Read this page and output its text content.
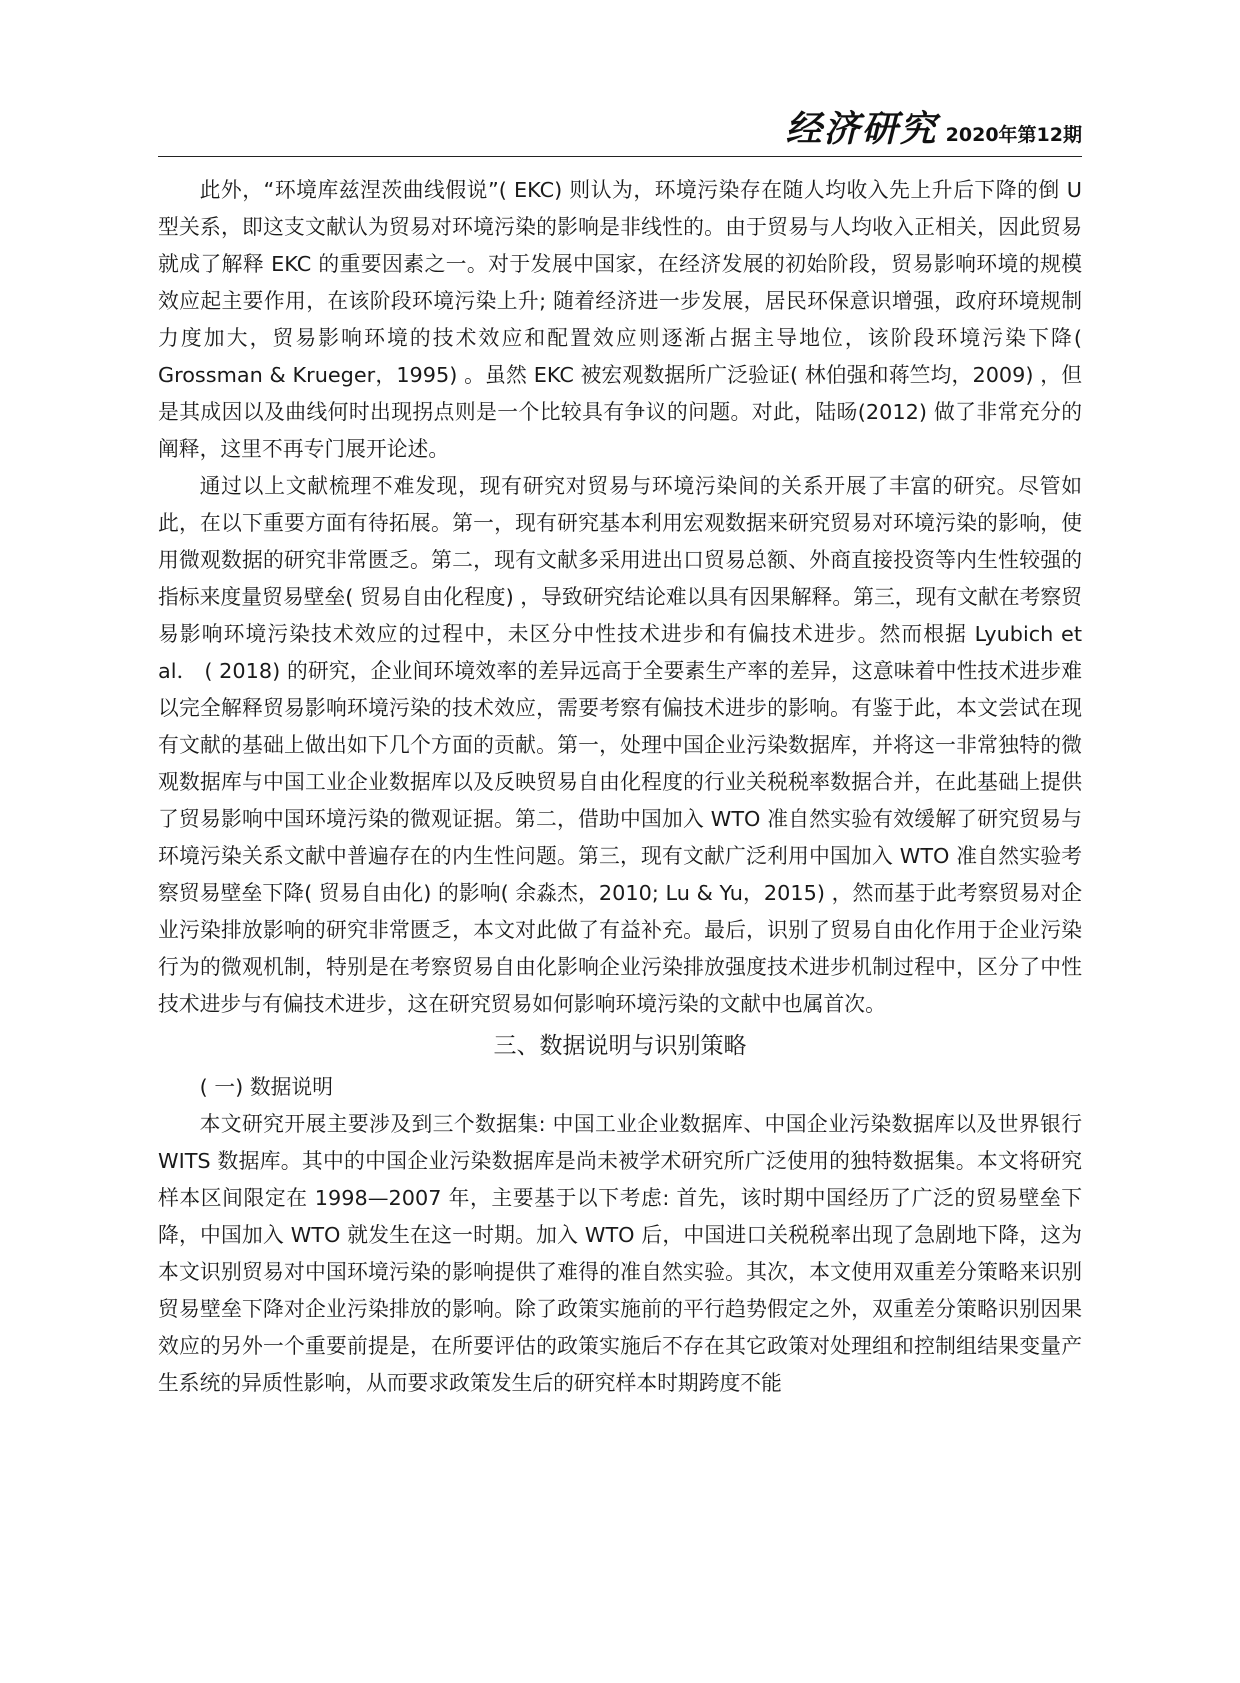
经济研究 2020年第12期

此外，“环境库兹涅茨曲线假说”( EKC) 则认为，环境污染存在随人均收入先上升后下降的倒 U 型关系，即这支文献认为贸易对环境污染的影响是非线性的。由于贸易与人均收入正相关，因此贸易就成了解释 EKC 的重要因素之一。对于发展中国家，在经济发展的初始阶段，贸易影响环境的规模效应起主要作用，在该阶段环境污染上升; 随着经济进一步发展，居民环保意识增强，政府环境规制力度加大，贸易影响环境的技术效应和配置效应则逐渐占据主导地位，该阶段环境污染下降( Grossman & Krueger，1995) 。虽然 EKC 被宏观数据所广泛验证( 林伯强和蒋竺均，2009) ，但是其成因以及曲线何时出现拐点则是一个比较具有争议的问题。对此，陆旸(2012) 做了非常充分的阐释，这里不再专门展开论述。

通过以上文献梳理不难发现，现有研究对贸易与环境污染间的关系开展了丰富的研究。尽管如此，在以下重要方面有待拓展。第一，现有研究基本利用宏观数据来研究贸易对环境污染的影响，使用微观数据的研究非常匮乏。第二，现有文献多采用进出口贸易总额、外商直接投资等内生性较强的指标来度量贸易壁垒( 贸易自由化程度) ，导致研究结论难以具有因果解释。第三，现有文献在考察贸易影响环境污染技术效应的过程中，未区分中性技术进步和有偏技术进步。然而根据 Lyubich et al． ( 2018) 的研究，企业间环境效率的差异远高于全要素生产率的差异，这意味着中性技术进步难以完全解释贸易影响环境污染的技术效应，需要考察有偏技术进步的影响。有鉴于此，本文尝试在现有文献的基础上做出如下几个方面的贡献。第一，处理中国企业污染数据库，并将这一非常独特的微观数据库与中国工业企业数据库以及反映贸易自由化程度的行业关税税率数据合并，在此基础上提供了贸易影响中国环境污染的微观证据。第二，借助中国加入 WTO 准自然实验有效缓解了研究贸易与环境污染关系文献中普遍存在的内生性问题。第三，现有文献广泛利用中国加入 WTO 准自然实验考察贸易壁垒下降( 贸易自由化) 的影响( 余淼杰，2010; Lu & Yu，2015) ，然而基于此考察贸易对企业污染排放影响的研究非常匮乏，本文对此做了有益补充。最后，识别了贸易自由化作用于企业污染行为的微观机制，特别是在考察贸易自由化影响企业污染排放强度技术进步机制过程中，区分了中性技术进步与有偏技术进步，这在研究贸易如何影响环境污染的文献中也属首次。

三、数据说明与识别策略
( 一) 数据说明

本文研究开展主要涉及到三个数据集: 中国工业企业数据库、中国企业污染数据库以及世界银行 WITS 数据库。其中的中国企业污染数据库是尚未被学术研究所广泛使用的独特数据集。本文将研究样本区间限定在 1998—2007 年，主要基于以下考虑: 首先，该时期中国经历了广泛的贸易壁垒下降，中国加入 WTO 就发生在这一时期。加入 WTO 后，中国进口关税税率出现了急剧地下降，这为本文识别贸易对中国环境污染的影响提供了难得的准自然实验。其次，本文使用双重差分策略来识别贸易壁垒下降对企业污染排放的影响。除了政策实施前的平行趋势假定之外，双重差分策略识别因果效应的另外一个重要前提是，在所要评估的政策实施后不存在其它政策对处理组和控制组结果变量产生系统的异质性影响，从而要求政策发生后的研究样本时期跨度不能
